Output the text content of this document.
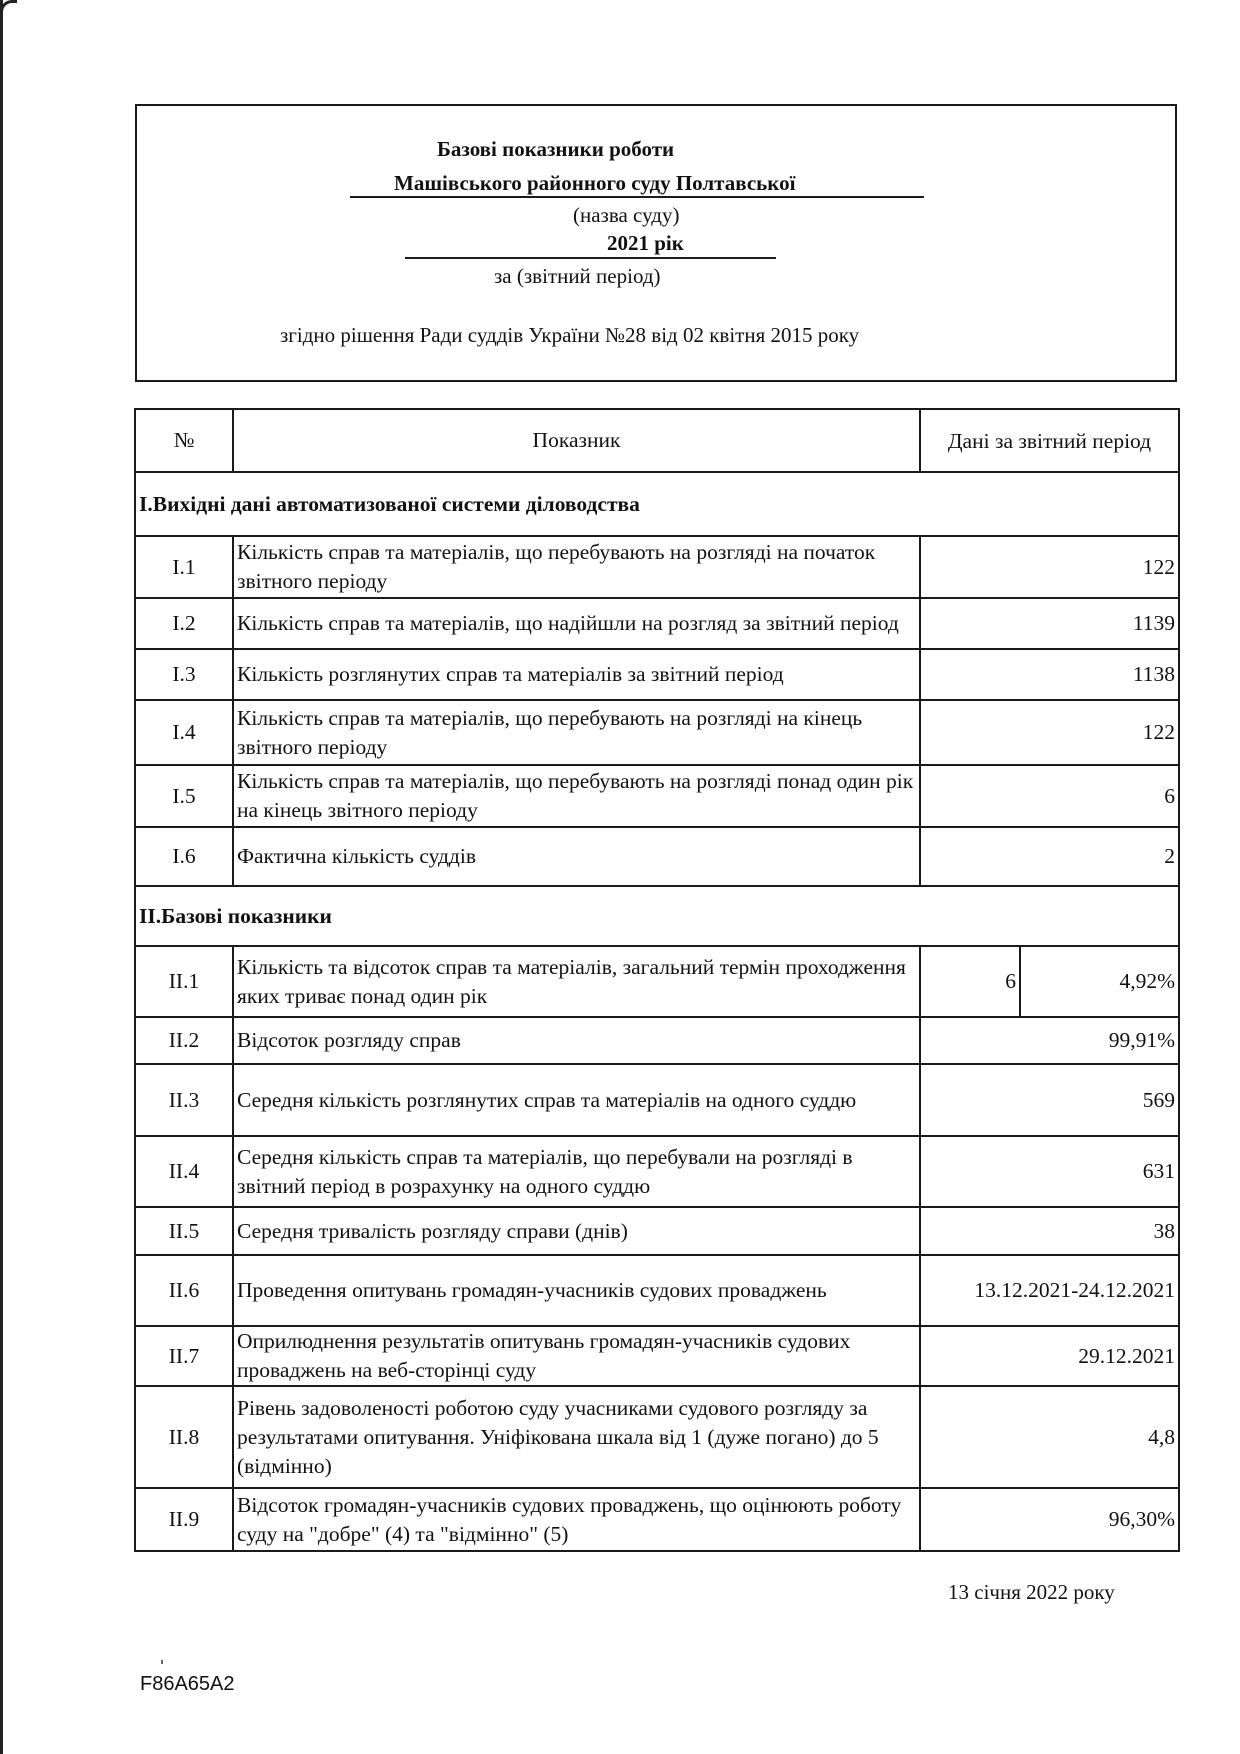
Базові показники роботи
Машівського районного суду Полтавської
(назва суду)
2021 рік
за (звітний період)
згідно рішення Ради суддів України №28 від 02 квітня 2015 року
№	Показник	Дані за звітний період	
I.Вихідні дані автоматизованої системи діловодства			
I.1	Кількість справ та матеріалів, що перебувають на розгляді на початок звітного періоду	122	
I.2	Кількість справ та матеріалів, що надійшли на розгляд за звітний період	1139	
I.3	Кількість розглянутих справ та матеріалів за звітний період	1138	
I.4	Кількість справ та матеріалів, що перебувають на розгляді на кінець звітного періоду	122	
I.5	Кількість справ та матеріалів, що перебувають на розгляді понад один рік на кінець звітного періоду	6	
I.6	Фактична кількість суддів	2	
II.Базові показники			
II.1	Кількість та відсоток справ та матеріалів, загальний термін проходження яких триває понад один рік	6	4,92%
II.2	Відсоток розгляду справ	99,91%	
II.3	Середня кількість розглянутих справ та матеріалів на одного суддю	569	
II.4	Середня кількість справ та матеріалів, що перебували на розгляді в звітний період в розрахунку на одного суддю	631	
II.5	Середня тривалість розгляду справи (днів)	38	
II.6	Проведення опитувань громадян-учасників судових проваджень	13.12.2021-24.12.2021	
II.7	Оприлюднення результатів опитувань громадян-учасників судових проваджень на веб-сторінці суду	29.12.2021	
II.8	Рівень задоволеності роботою суду учасниками судового розгляду за результатами опитування. Уніфікована шкала від 1 (дуже погано) до 5 (відмінно)	4,8	
II.9	Відсоток громадян-учасників судових проваджень, що оцінюють роботу суду на "добре" (4) та "відмінно" (5)	96,30%	
13 січня 2022 року
F86A65A2
